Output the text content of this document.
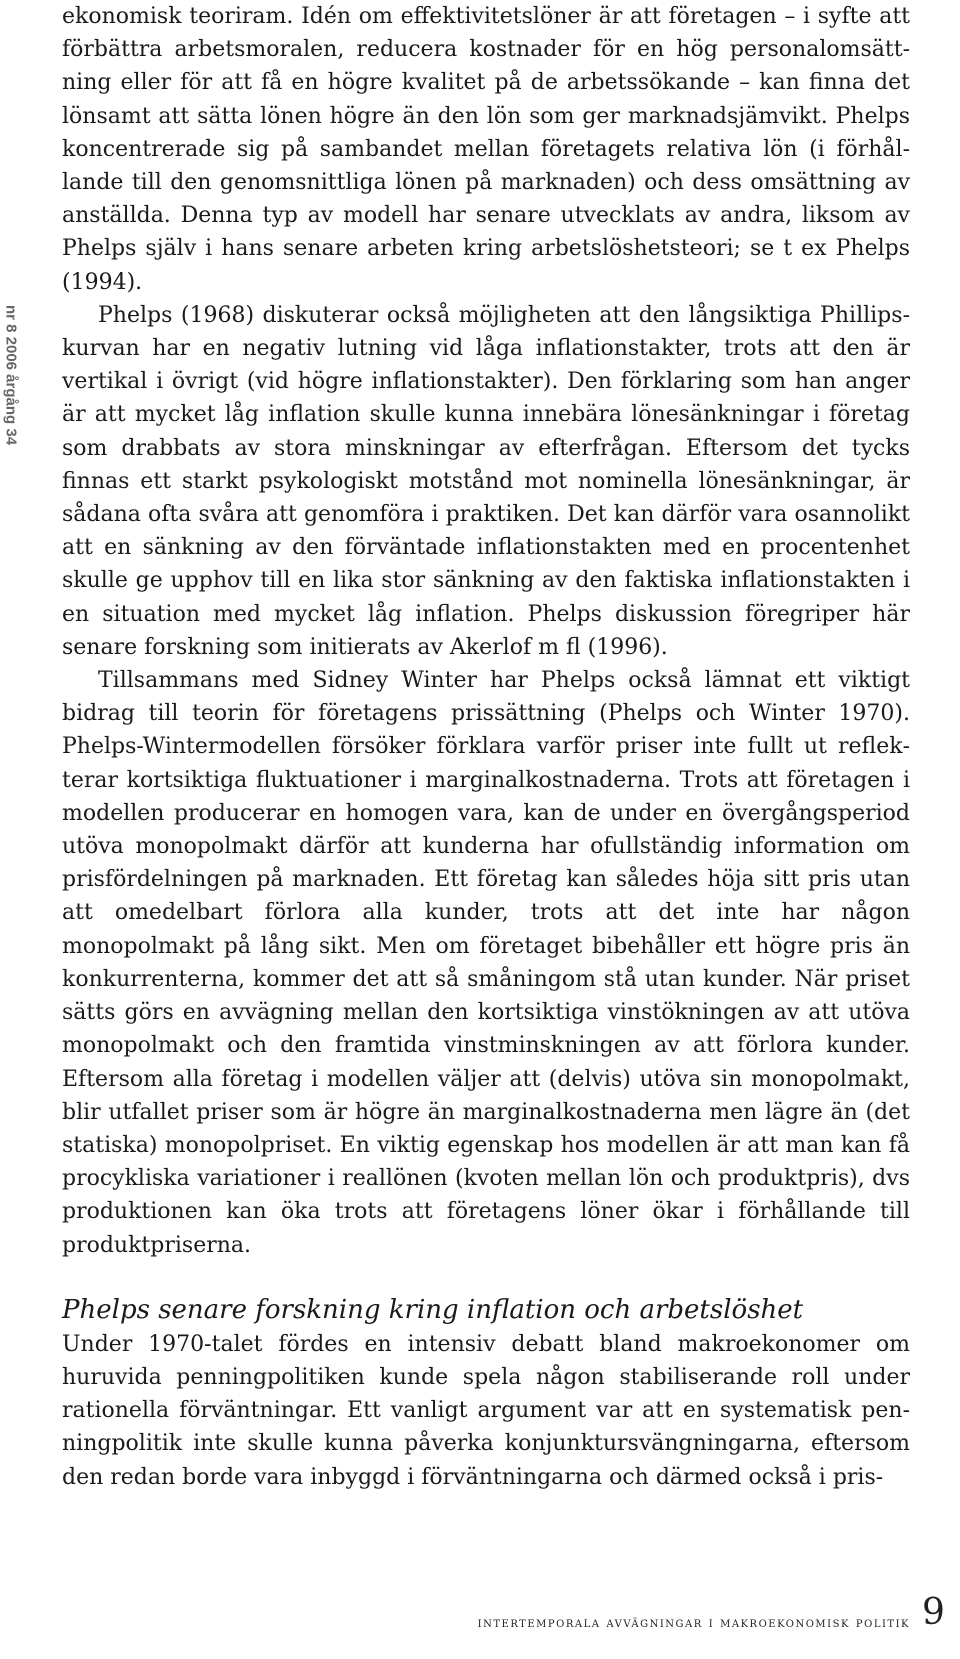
nr 8 2006 årgång 34

ekonomisk teoriram. Idén om effektivitetslöner är att företagen – i syfte att förbättra arbetsmoralen, reducera kostnader för en hög personalomsättning eller för att få en högre kvalitet på de arbetssökande – kan finna det lönsamt att sätta lönen högre än den lön som ger marknadsjämvikt. Phelps koncentrerade sig på sambandet mellan företagets relativa lön (i förhållande till den genomsnittliga lönen på marknaden) och dess omsättning av anställda. Denna typ av modell har senare utvecklats av andra, liksom av Phelps själv i hans senare arbeten kring arbetslöshetsteori; se t ex Phelps (1994).

Phelps (1968) diskuterar också möjligheten att den långsiktiga Phillipskurvan har en negativ lutning vid låga inflationstakter, trots att den är vertikal i övrigt (vid högre inflationstakter). Den förklaring som han anger är att mycket låg inflation skulle kunna innebära lönesänkningar i företag som drabbats av stora minskningar av efterfrågan. Eftersom det tycks finnas ett starkt psykologiskt motstånd mot nominella lönesänkningar, är sådana ofta svåra att genomföra i praktiken. Det kan därför vara osannolikt att en sänkning av den förväntade inflationstakten med en procentenhet skulle ge upphov till en lika stor sänkning av den faktiska inflationstakten i en situation med mycket låg inflation. Phelps diskussion föregriper här senare forskning som initierats av Akerlof m fl (1996).

Tillsammans med Sidney Winter har Phelps också lämnat ett viktigt bidrag till teorin för företagens prissättning (Phelps och Winter 1970). Phelps-Wintermodellen försöker förklara varför priser inte fullt ut reflekterar kortsiktiga fluktuationer i marginalkostnaderna. Trots att företagen i modellen producerar en homogen vara, kan de under en övergångsperiod utöva monopolmakt därför att kunderna har ofullständig information om prisfördelningen på marknaden. Ett företag kan således höja sitt pris utan att omedelbart förlora alla kunder, trots att det inte har någon monopolmakt på lång sikt. Men om företaget bibehåller ett högre pris än konkurrenterna, kommer det att så småningom stå utan kunder. När priset sätts görs en avvägning mellan den kortsiktiga vinstökningen av att utöva monopolmakt och den framtida vinstminskningen av att förlora kunder. Eftersom alla företag i modellen väljer att (delvis) utöva sin monopolmakt, blir utfallet priser som är högre än marginalkostnaderna men lägre än (det statiska) monopolpriset. En viktig egenskap hos modellen är att man kan få procykliska variationer i reallönen (kvoten mellan lön och produktpris), dvs produktionen kan öka trots att företagens löner ökar i förhållande till produktpriserna.

Phelps senare forskning kring inflation och arbetslöshet

Under 1970-talet fördes en intensiv debatt bland makroekonomer om huruvida penningpolitiken kunde spela någon stabiliserande roll under rationella förväntningar. Ett vanligt argument var att en systematisk penningpolitik inte skulle kunna påverka konjunktursvängningarna, eftersom den redan borde vara inbyggd i förväntningarna och därmed också i pris-

intertemporala avvägningar i makroekonomisk politik 9
